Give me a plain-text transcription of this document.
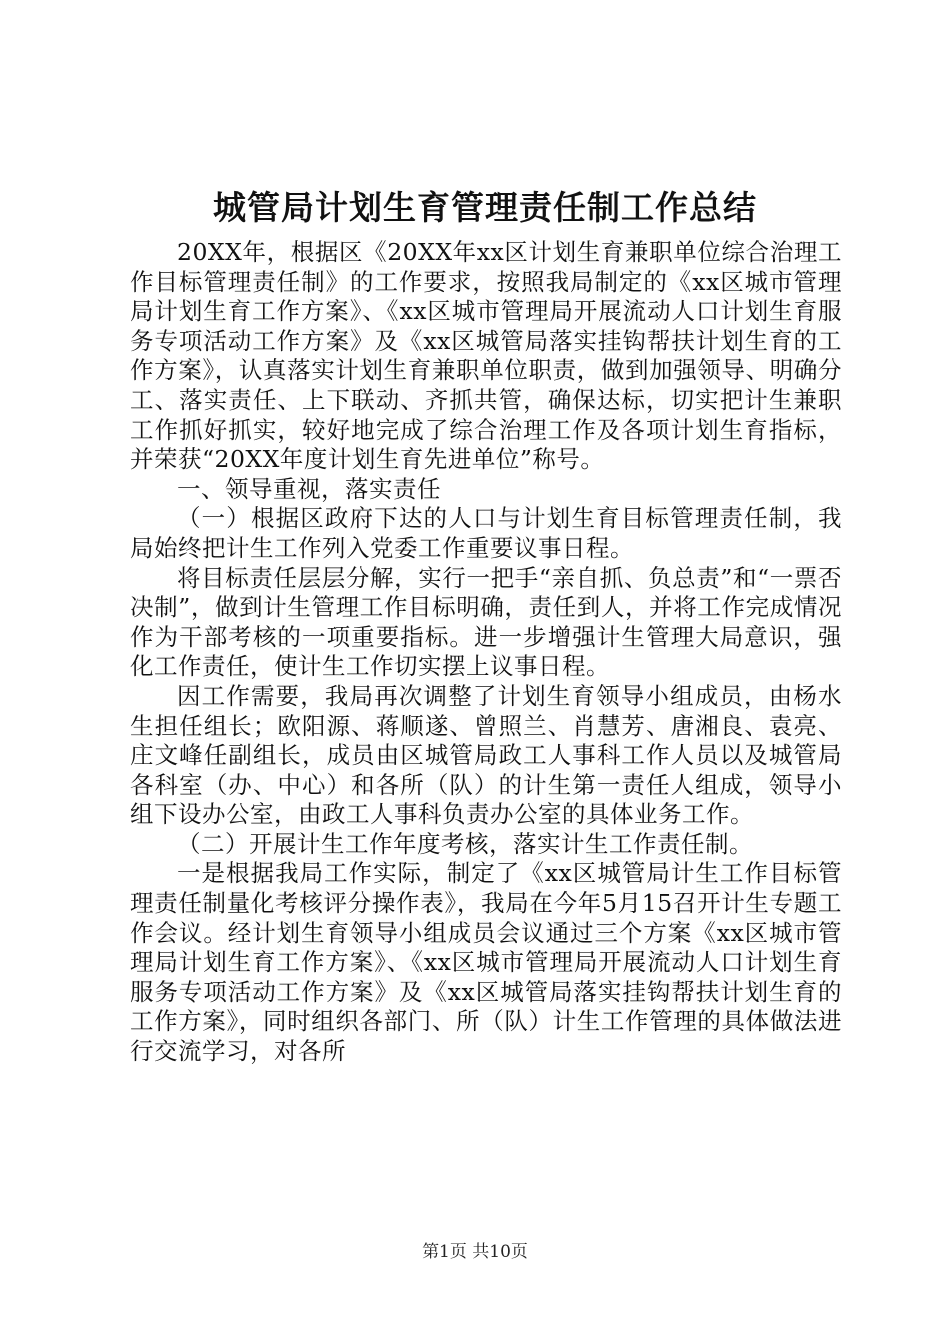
城管局计划生育管理责任制工作总结

20XX年，根据区《20XX年xx区计划生育兼职单位综合治理工作目标管理责任制》的工作要求，按照我局制定的《xx区城市管理局计划生育工作方案》、《xx区城市管理局开展流动人口计划生育服务专项活动工作方案》及《xx区城管局落实挂钩帮扶计划生育的工作方案》，认真落实计划生育兼职单位职责，做到加强领导、明确分工、落实责任、上下联动、齐抓共管，确保达标，切实把计生兼职工作抓好抓实，较好地完成了综合治理工作及各项计划生育指标，并荣获“20XX年度计划生育先进单位”称号。

一、领导重视，落实责任

（一）根据区政府下达的人口与计划生育目标管理责任制，我局始终把计生工作列入党委工作重要议事日程。

将目标责任层层分解，实行一把手“亲自抓、负总责”和“一票否决制”，做到计生管理工作目标明确，责任到人，并将工作完成情况作为干部考核的一项重要指标。进一步增强计生管理大局意识，强化工作责任，使计生工作切实摆上议事日程。

因工作需要，我局再次调整了计划生育领导小组成员，由杨水生担任组长；欧阳源、蒋顺遂、曾照兰、肖慧芳、唐湘良、袁亮、庄文峰任副组长，成员由区城管局政工人事科工作人员以及城管局各科室（办、中心）和各所（队）的计生第一责任人组成，领导小组下设办公室，由政工人事科负责办公室的具体业务工作。

（二）开展计生工作年度考核，落实计生工作责任制。

一是根据我局工作实际，制定了《xx区城管局计生工作目标管理责任制量化考核评分操作表》，我局在今年5月15召开计生专题工作会议。经计划生育领导小组成员会议通过三个方案《xx区城市管理局计划生育工作方案》、《xx区城市管理局开展流动人口计划生育服务专项活动工作方案》及《xx区城管局落实挂钩帮扶计划生育的工作方案》，同时组织各部门、所（队）计生工作管理的具体做法进行交流学习，对各所

第1页 共10页
